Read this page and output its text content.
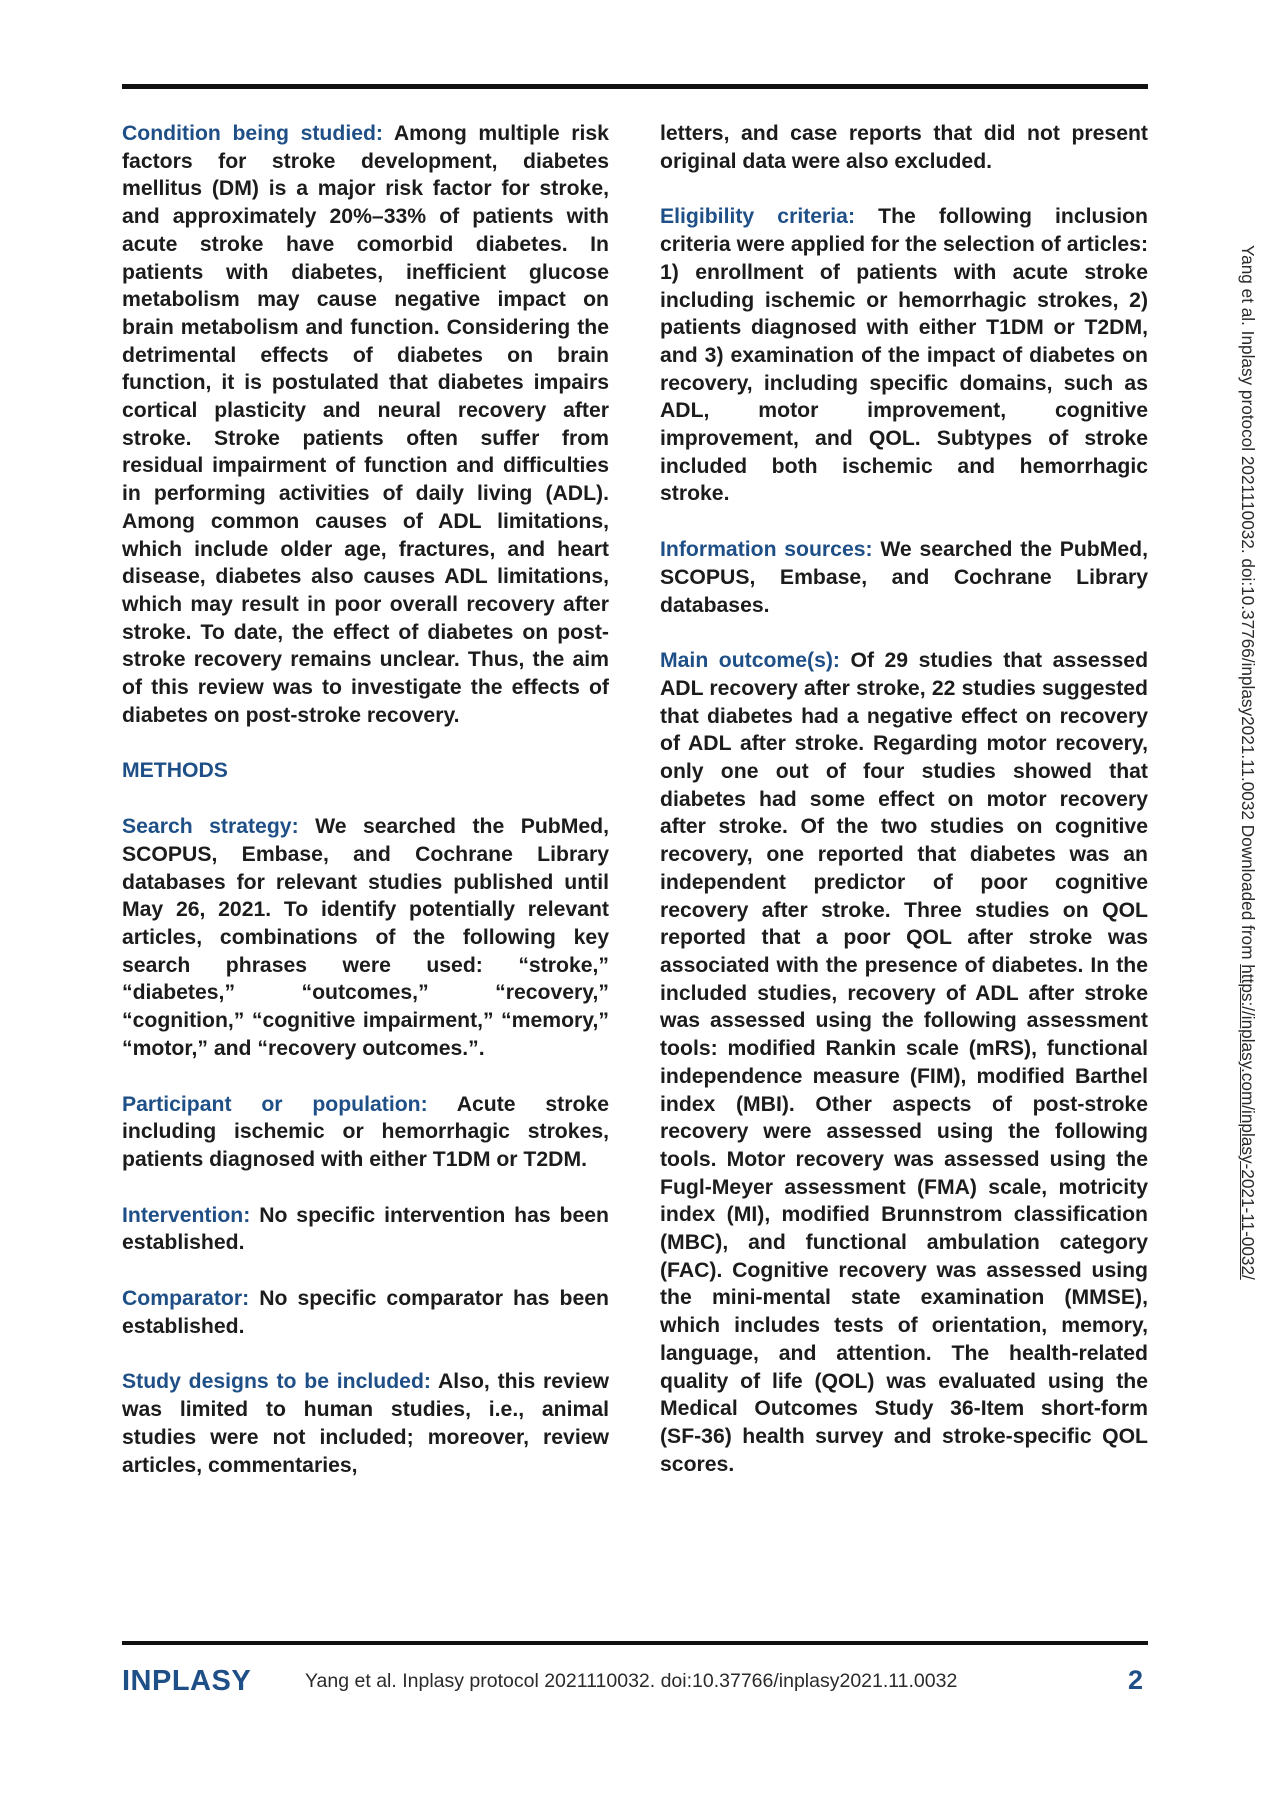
Condition being studied: Among multiple risk factors for stroke development, diabetes mellitus (DM) is a major risk factor for stroke, and approximately 20%–33% of patients with acute stroke have comorbid diabetes. In patients with diabetes, inefficient glucose metabolism may cause negative impact on brain metabolism and function. Considering the detrimental effects of diabetes on brain function, it is postulated that diabetes impairs cortical plasticity and neural recovery after stroke. Stroke patients often suffer from residual impairment of function and difficulties in performing activities of daily living (ADL). Among common causes of ADL limitations, which include older age, fractures, and heart disease, diabetes also causes ADL limitations, which may result in poor overall recovery after stroke. To date, the effect of diabetes on post-stroke recovery remains unclear. Thus, the aim of this review was to investigate the effects of diabetes on post-stroke recovery.

METHODS

Search strategy: We searched the PubMed, SCOPUS, Embase, and Cochrane Library databases for relevant studies published until May 26, 2021. To identify potentially relevant articles, combinations of the following key search phrases were used: “stroke,” “diabetes,” “outcomes,” “recovery,” “cognition,” “cognitive impairment,” “memory,” “motor,” and “recovery outcomes.”.

Participant or population: Acute stroke including ischemic or hemorrhagic strokes, patients diagnosed with either T1DM or T2DM.

Intervention: No specific intervention has been established.

Comparator: No specific comparator has been established.

Study designs to be included: Also, this review was limited to human studies, i.e., animal studies were not included; moreover, review articles, commentaries,

letters, and case reports that did not present original data were also excluded.

Eligibility criteria: The following inclusion criteria were applied for the selection of articles: 1) enrollment of patients with acute stroke including ischemic or hemorrhagic strokes, 2) patients diagnosed with either T1DM or T2DM, and 3) examination of the impact of diabetes on recovery, including specific domains, such as ADL, motor improvement, cognitive improvement, and QOL. Subtypes of stroke included both ischemic and hemorrhagic stroke.

Information sources: We searched the PubMed, SCOPUS, Embase, and Cochrane Library databases.

Main outcome(s): Of 29 studies that assessed ADL recovery after stroke, 22 studies suggested that diabetes had a negative effect on recovery of ADL after stroke. Regarding motor recovery, only one out of four studies showed that diabetes had some effect on motor recovery after stroke. Of the two studies on cognitive recovery, one reported that diabetes was an independent predictor of poor cognitive recovery after stroke. Three studies on QOL reported that a poor QOL after stroke was associated with the presence of diabetes. In the included studies, recovery of ADL after stroke was assessed using the following assessment tools: modified Rankin scale (mRS), functional independence measure (FIM), modified Barthel index (MBI). Other aspects of post-stroke recovery were assessed using the following tools. Motor recovery was assessed using the Fugl-Meyer assessment (FMA) scale, motricity index (MI), modified Brunnstrom classification (MBC), and functional ambulation category (FAC). Cognitive recovery was assessed using the mini-mental state examination (MMSE), which includes tests of orientation, memory, language, and attention. The health-related quality of life (QOL) was evaluated using the Medical Outcomes Study 36-Item short-form (SF-36) health survey and stroke-specific QOL scores.

Yang et al. Inplasy protocol 2021110032. doi:10.37766/inplasy2021.11.0032 Downloaded from https://inplasy.com/inplasy-2021-11-0032/
INPLASY	Yang et al. Inplasy protocol 2021110032. doi:10.37766/inplasy2021.11.0032	2
